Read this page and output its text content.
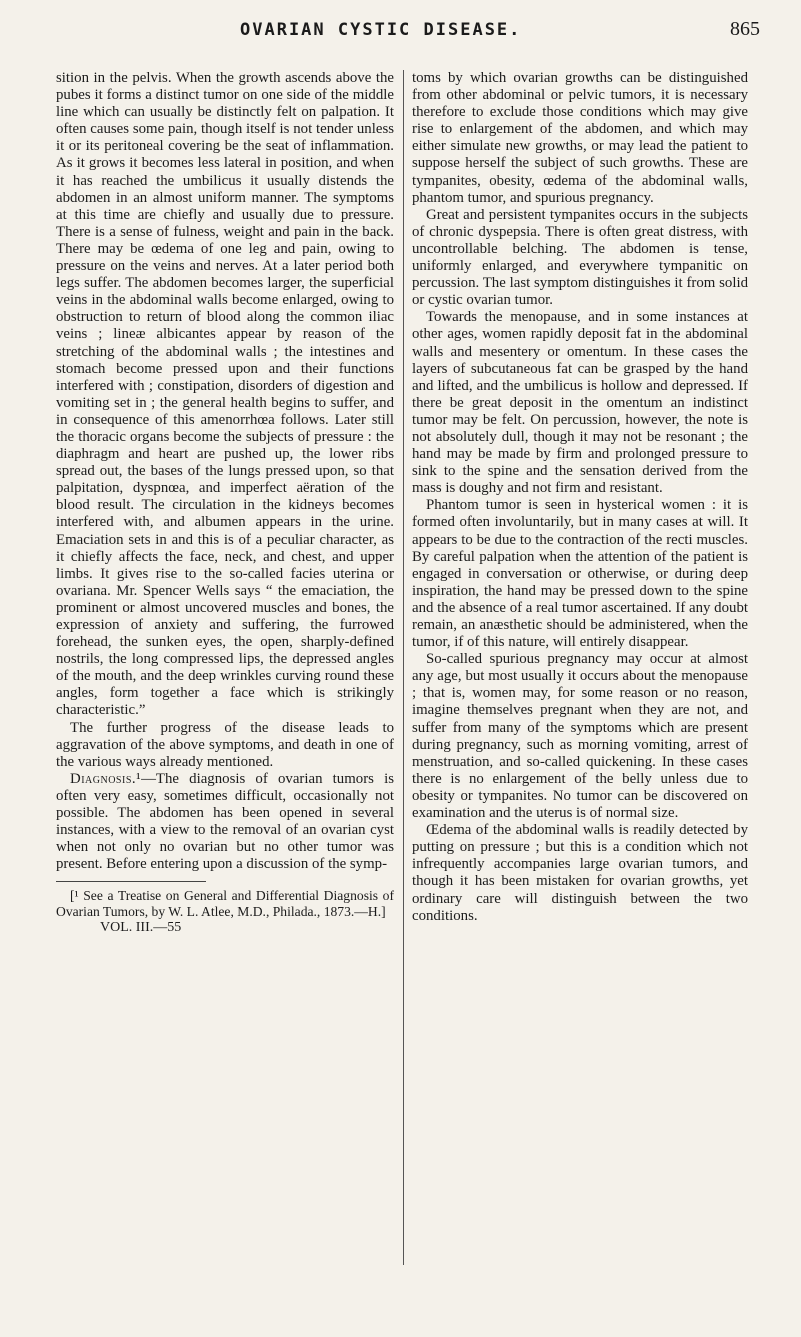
OVARIAN CYSTIC DISEASE.	865

sition in the pelvis. When the growth ascends above the pubes it forms a distinct tumor on one side of the middle line which can usually be distinctly felt on palpation. It often causes some pain, though itself is not tender unless it or its peritoneal covering be the seat of inflammation. As it grows it becomes less lateral in position, and when it has reached the umbilicus it usually distends the abdomen in an almost uniform manner. The symptoms at this time are chiefly and usually due to pressure. There is a sense of fulness, weight and pain in the back. There may be œdema of one leg and pain, owing to pressure on the veins and nerves. At a later period both legs suffer. The abdomen becomes larger, the superficial veins in the abdominal walls become enlarged, owing to obstruction to return of blood along the common iliac veins ; lineæ albicantes appear by reason of the stretching of the abdominal walls ; the intestines and stomach become pressed upon and their functions interfered with ; constipation, disorders of digestion and vomiting set in ; the general health begins to suffer, and in consequence of this amenorrhœa follows. Later still the thoracic organs become the subjects of pressure : the diaphragm and heart are pushed up, the lower ribs spread out, the bases of the lungs pressed upon, so that palpitation, dyspnœa, and imperfect aëration of the blood result. The circulation in the kidneys becomes interfered with, and albumen appears in the urine. Emaciation sets in and this is of a peculiar character, as it chiefly affects the face, neck, and chest, and upper limbs. It gives rise to the so-called facies uterina or ovariana. Mr. Spencer Wells says “ the emaciation, the prominent or almost uncovered muscles and bones, the expression of anxiety and suffering, the furrowed forehead, the sunken eyes, the open, sharply-defined nostrils, the long compressed lips, the depressed angles of the mouth, and the deep wrinkles curving round these angles, form together a face which is strikingly characteristic.”

The further progress of the disease leads to aggravation of the above symptoms, and death in one of the various ways already mentioned.

Diagnosis.¹—The diagnosis of ovarian tumors is often very easy, sometimes difficult, occasionally not possible. The abdomen has been opened in several instances, with a view to the removal of an ovarian cyst when not only no ovarian but no other tumor was present. Before entering upon a discussion of the symp-

[¹ See a Treatise on General and Differential Diagnosis of Ovarian Tumors, by W. L. Atlee, M.D., Philada., 1873.—H.]

VOL. III.—55

toms by which ovarian growths can be distinguished from other abdominal or pelvic tumors, it is necessary therefore to exclude those conditions which may give rise to enlargement of the abdomen, and which may either simulate new growths, or may lead the patient to suppose herself the subject of such growths. These are tympanites, obesity, œdema of the abdominal walls, phantom tumor, and spurious pregnancy.

Great and persistent tympanites occurs in the subjects of chronic dyspepsia. There is often great distress, with uncontrollable belching. The abdomen is tense, uniformly enlarged, and everywhere tympanitic on percussion. The last symptom distinguishes it from solid or cystic ovarian tumor.

Towards the menopause, and in some instances at other ages, women rapidly deposit fat in the abdominal walls and mesentery or omentum. In these cases the layers of subcutaneous fat can be grasped by the hand and lifted, and the umbilicus is hollow and depressed. If there be great deposit in the omentum an indistinct tumor may be felt. On percussion, however, the note is not absolutely dull, though it may not be resonant ; the hand may be made by firm and prolonged pressure to sink to the spine and the sensation derived from the mass is doughy and not firm and resistant.

Phantom tumor is seen in hysterical women : it is formed often involuntarily, but in many cases at will. It appears to be due to the contraction of the recti muscles. By careful palpation when the attention of the patient is engaged in conversation or otherwise, or during deep inspiration, the hand may be pressed down to the spine and the absence of a real tumor ascertained. If any doubt remain, an anæsthetic should be administered, when the tumor, if of this nature, will entirely disappear.

So-called spurious pregnancy may occur at almost any age, but most usually it occurs about the menopause ; that is, women may, for some reason or no reason, imagine themselves pregnant when they are not, and suffer from many of the symptoms which are present during pregnancy, such as morning vomiting, arrest of menstruation, and so-called quickening. In these cases there is no enlargement of the belly unless due to obesity or tympanites. No tumor can be discovered on examination and the uterus is of normal size.

Œdema of the abdominal walls is readily detected by putting on pressure ; but this is a condition which not infrequently accompanies large ovarian tumors, and though it has been mistaken for ovarian growths, yet ordinary care will distinguish between the two conditions.
